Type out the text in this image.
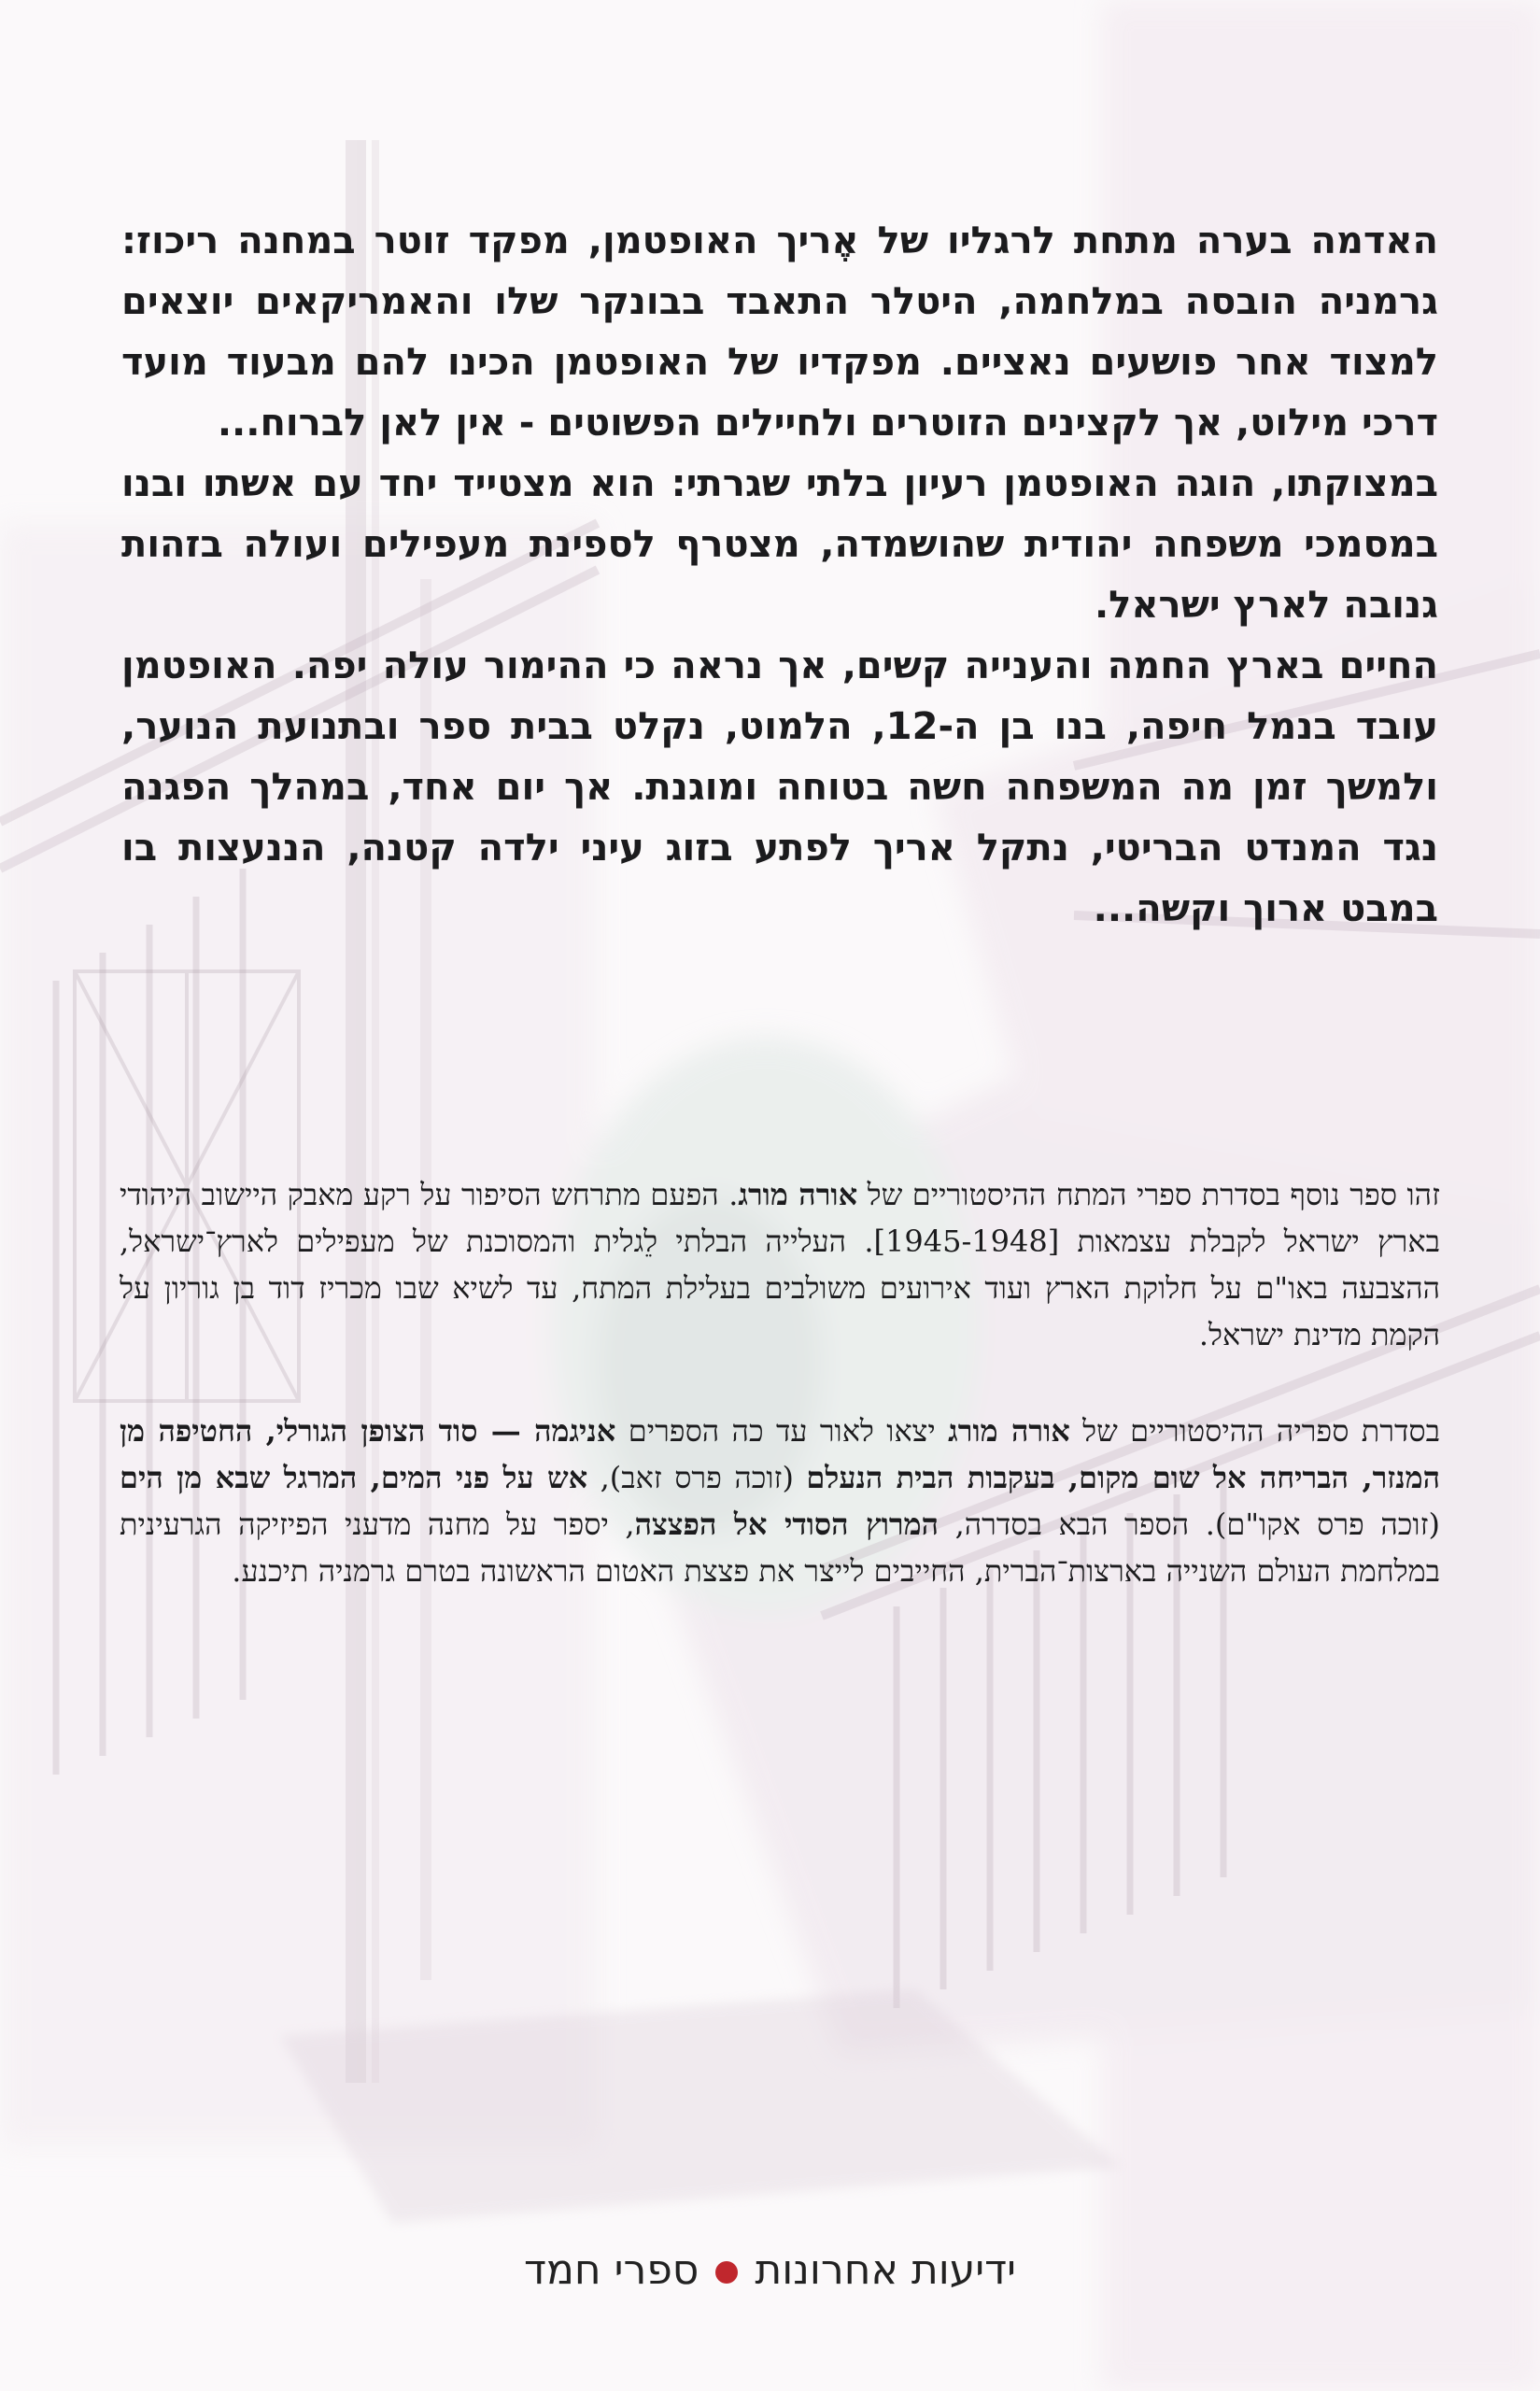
האדמה בערה מתחת לרגליו של אֶריך האופטמן, מפקד זוטר במחנה ריכוז: גרמניה הובסה במלחמה, היטלר התאבד בבונקר שלו והאמריקאים יוצאים למצוד אחר פושעים נאציים. מפקדיו של האופטמן הכינו להם מבעוד מועד דרכי מילוט, אך לקצינים הזוטרים ולחיילים הפשוטים - אין לאן לברוח...

במצוקתו, הוגה האופטמן רעיון בלתי שגרתי: הוא מצטייד יחד עם אשתו ובנו במסמכי משפחה יהודית שהושמדה, מצטרף לספינת מעפילים ועולה בזהות גנובה לארץ ישראל.

החיים בארץ החמה והענייה קשים, אך נראה כי ההימור עולה יפה. האופטמן עובד בנמל חיפה, בנו בן ה-12, הלמוט, נקלט בבית ספר ובתנועת הנוער, ולמשך זמן מה המשפחה חשה בטוחה ומוגנת. אך יום אחד, במהלך הפגנה נגד המנדט הבריטי, נתקל אריך לפתע בזוג עיני ילדה קטנה, הננעצות בו במבט ארוך וקשה...

זהו ספר נוסף בסדרת ספרי המתח ההיסטוריים של אורה מורג. הפעם מתרחש הסיפור על רקע מאבק היישוב היהודי בארץ ישראל לקבלת עצמאות [1945-1948]. העלייה הבלתי לֵגלית והמסוכנת של מעפילים לארץ־ישראל, ההצבעה באו"ם על חלוקת הארץ ועוד אירועים משולבים בעלילת המתח, עד לשיא שבו מכריז דוד בן גוריון על הקמת מדינת ישראל.

בסדרת ספריה ההיסטוריים של אורה מורג יצאו לאור עד כה הספרים אניגמה — סוד הצופן הגורלי, החטיפה מן המנזר, הבריחה אל שום מקום, בעקבות הבית הנעלם (זוכה פרס זאב), אש על פני המים, המרגל שבא מן הים (זוכה פרס אקו"ם). הספר הבא בסדרה, המרוץ הסודי אל הפצצה, יספר על מחנה מדעני הפיזיקה הגרעינית במלחמת העולם השנייה בארצות־הברית, החייבים לייצר את פצצת האטום הראשונה בטרם גרמניה תיכנע.

ידיעות אחרונותספרי חמד
